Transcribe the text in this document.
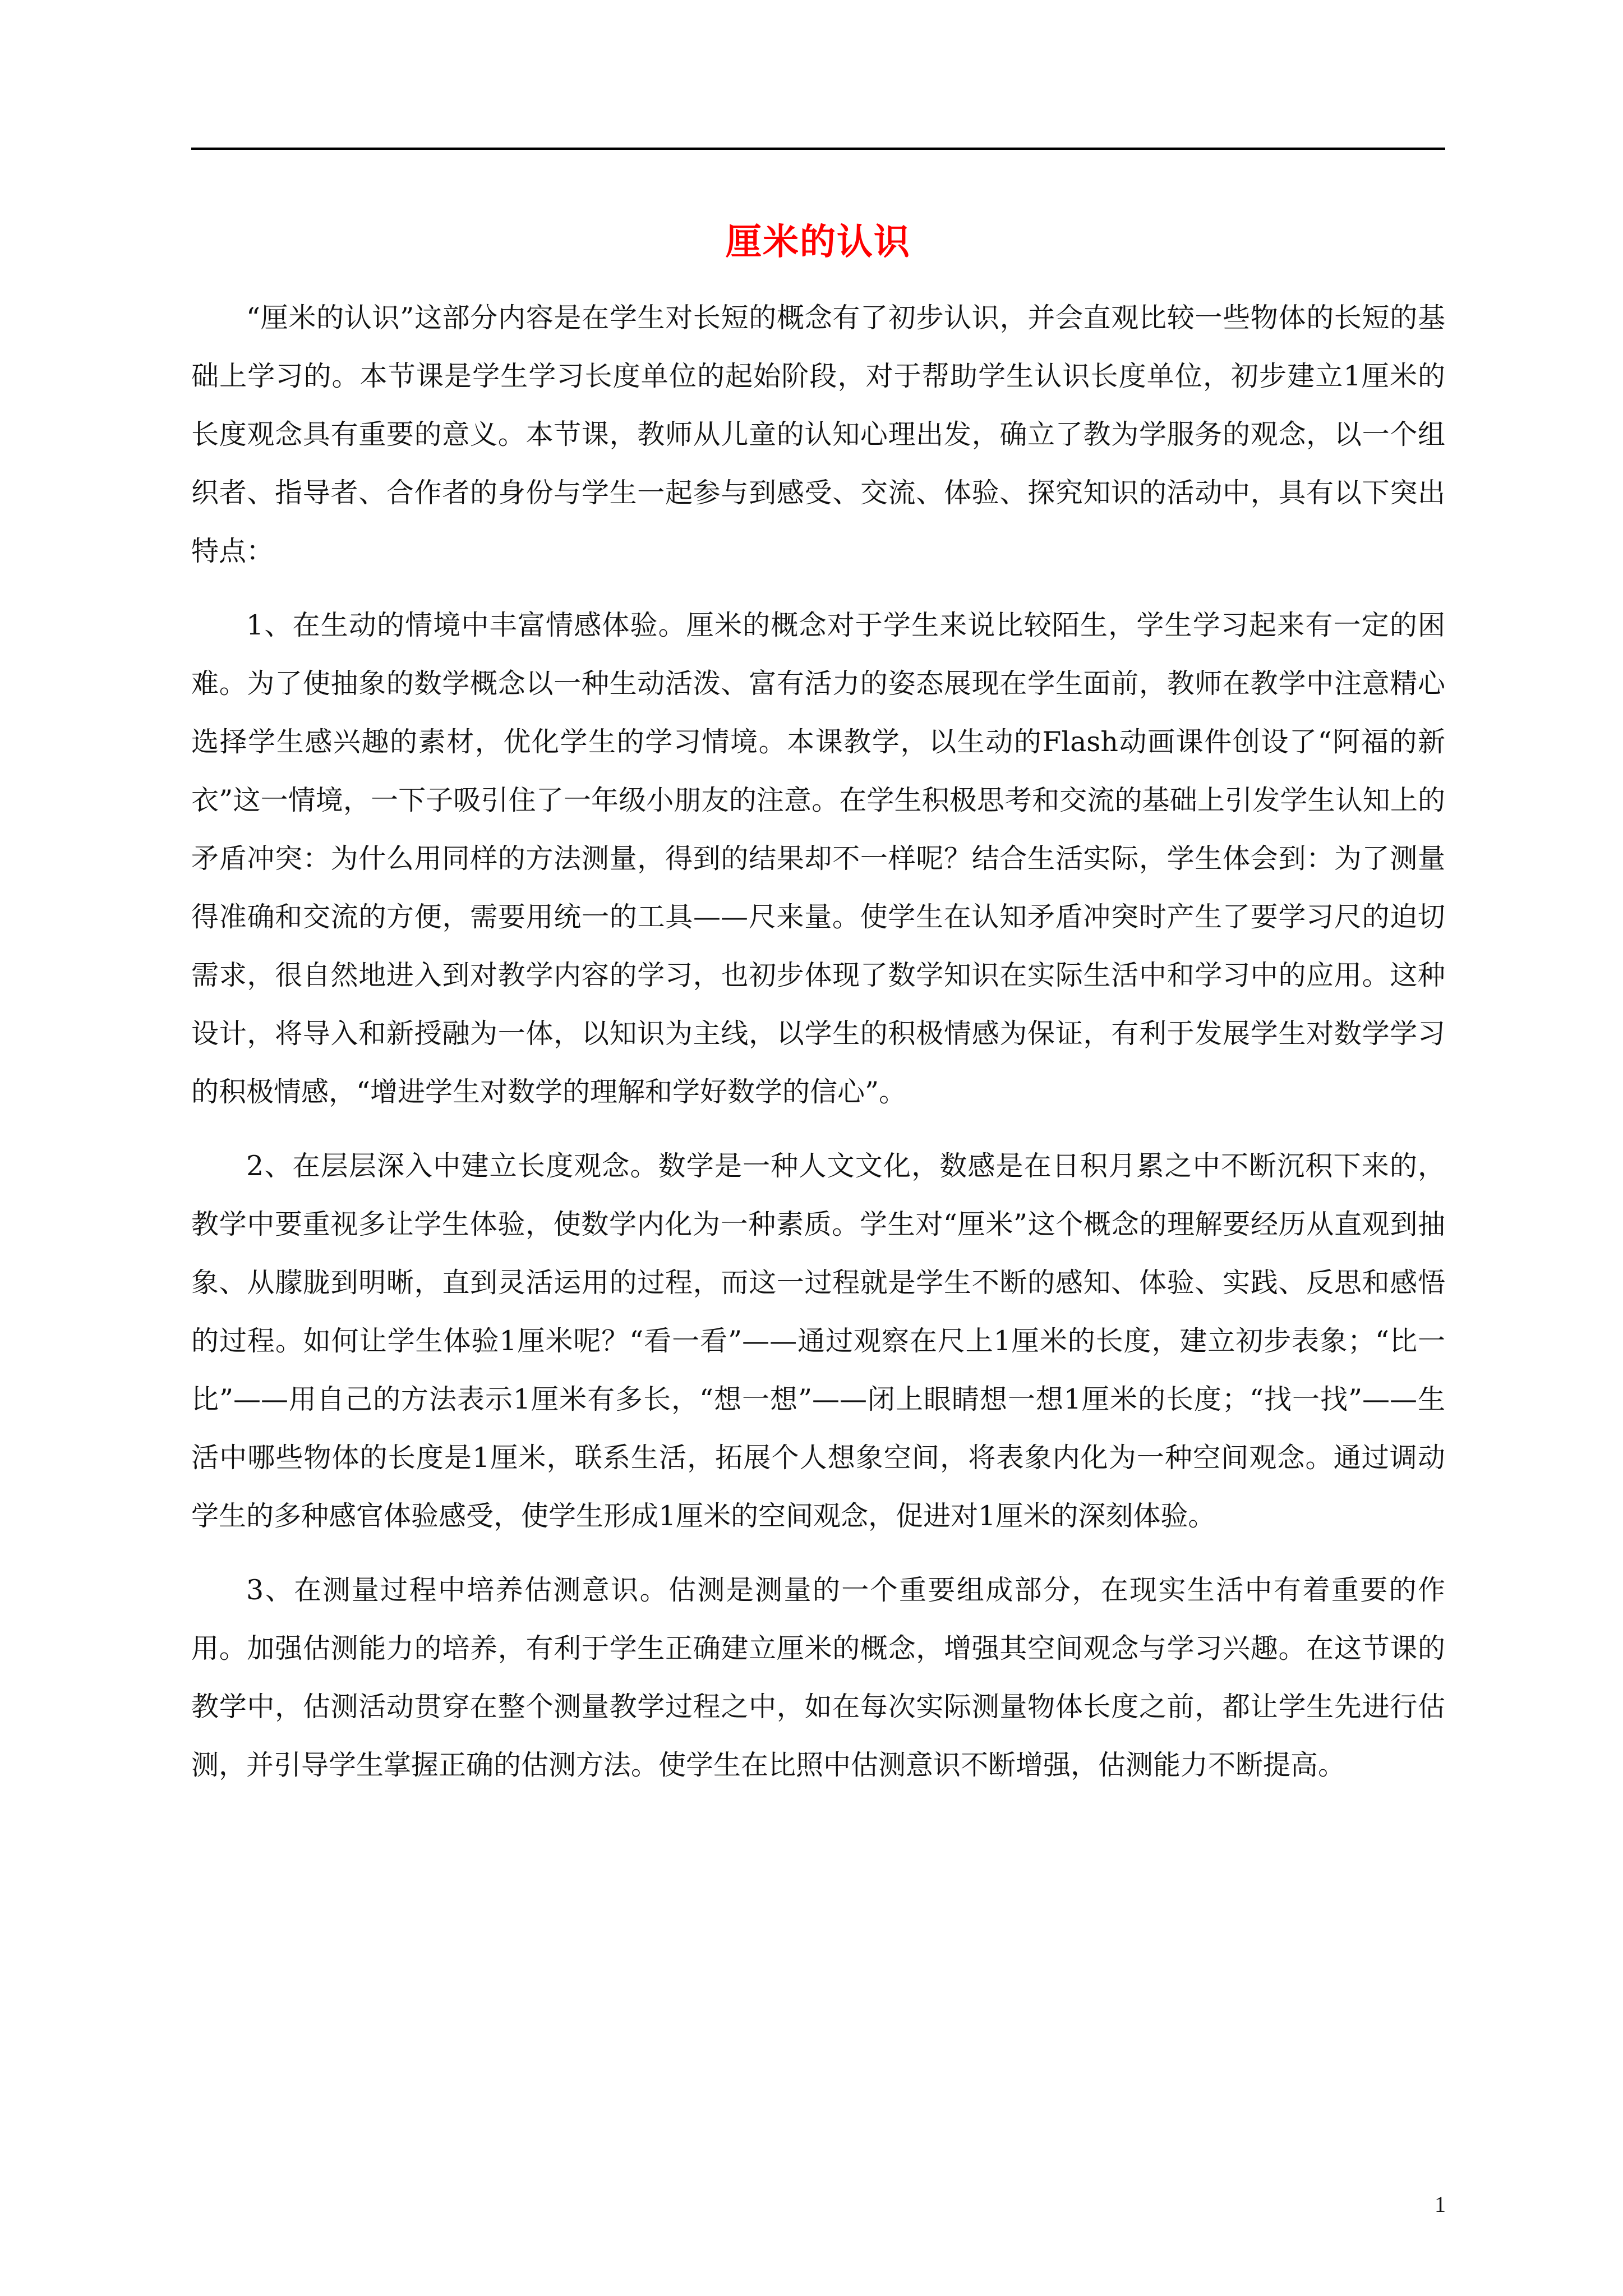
厘米的认识

“厘米的认识”这部分内容是在学生对长短的概念有了初步认识，并会直观比较一些物体的长短的基础上学习的。本节课是学生学习长度单位的起始阶段，对于帮助学生认识长度单位，初步建立1厘米的长度观念具有重要的意义。本节课，教师从儿童的认知心理出发，确立了教为学服务的观念，以一个组织者、指导者、合作者的身份与学生一起参与到感受、交流、体验、探究知识的活动中，具有以下突出特点：

1、在生动的情境中丰富情感体验。厘米的概念对于学生来说比较陌生，学生学习起来有一定的困难。为了使抽象的数学概念以一种生动活泼、富有活力的姿态展现在学生面前，教师在教学中注意精心选择学生感兴趣的素材，优化学生的学习情境。本课教学，以生动的Flash动画课件创设了“阿福的新衣”这一情境，一下子吸引住了一年级小朋友的注意。在学生积极思考和交流的基础上引发学生认知上的矛盾冲突：为什么用同样的方法测量，得到的结果却不一样呢？结合生活实际，学生体会到：为了测量得准确和交流的方便，需要用统一的工具——尺来量。使学生在认知矛盾冲突时产生了要学习尺的迫切需求，很自然地进入到对教学内容的学习，也初步体现了数学知识在实际生活中和学习中的应用。这种设计，将导入和新授融为一体，以知识为主线，以学生的积极情感为保证，有利于发展学生对数学学习的积极情感，“增进学生对数学的理解和学好数学的信心”。

2、在层层深入中建立长度观念。数学是一种人文文化，数感是在日积月累之中不断沉积下来的，教学中要重视多让学生体验，使数学内化为一种素质。学生对“厘米”这个概念的理解要经历从直观到抽象、从朦胧到明晰，直到灵活运用的过程，而这一过程就是学生不断的感知、体验、实践、反思和感悟的过程。如何让学生体验1厘米呢？“看一看”——通过观察在尺上1厘米的长度，建立初步表象；“比一比”——用自己的方法表示1厘米有多长，“想一想”——闭上眼睛想一想1厘米的长度；“找一找”——生活中哪些物体的长度是1厘米，联系生活，拓展个人想象空间，将表象内化为一种空间观念。通过调动学生的多种感官体验感受，使学生形成1厘米的空间观念，促进对1厘米的深刻体验。

3、在测量过程中培养估测意识。估测是测量的一个重要组成部分，在现实生活中有着重要的作用。加强估测能力的培养，有利于学生正确建立厘米的概念，增强其空间观念与学习兴趣。在这节课的教学中，估测活动贯穿在整个测量教学过程之中，如在每次实际测量物体长度之前，都让学生先进行估测，并引导学生掌握正确的估测方法。使学生在比照中估测意识不断增强，估测能力不断提高。

1
